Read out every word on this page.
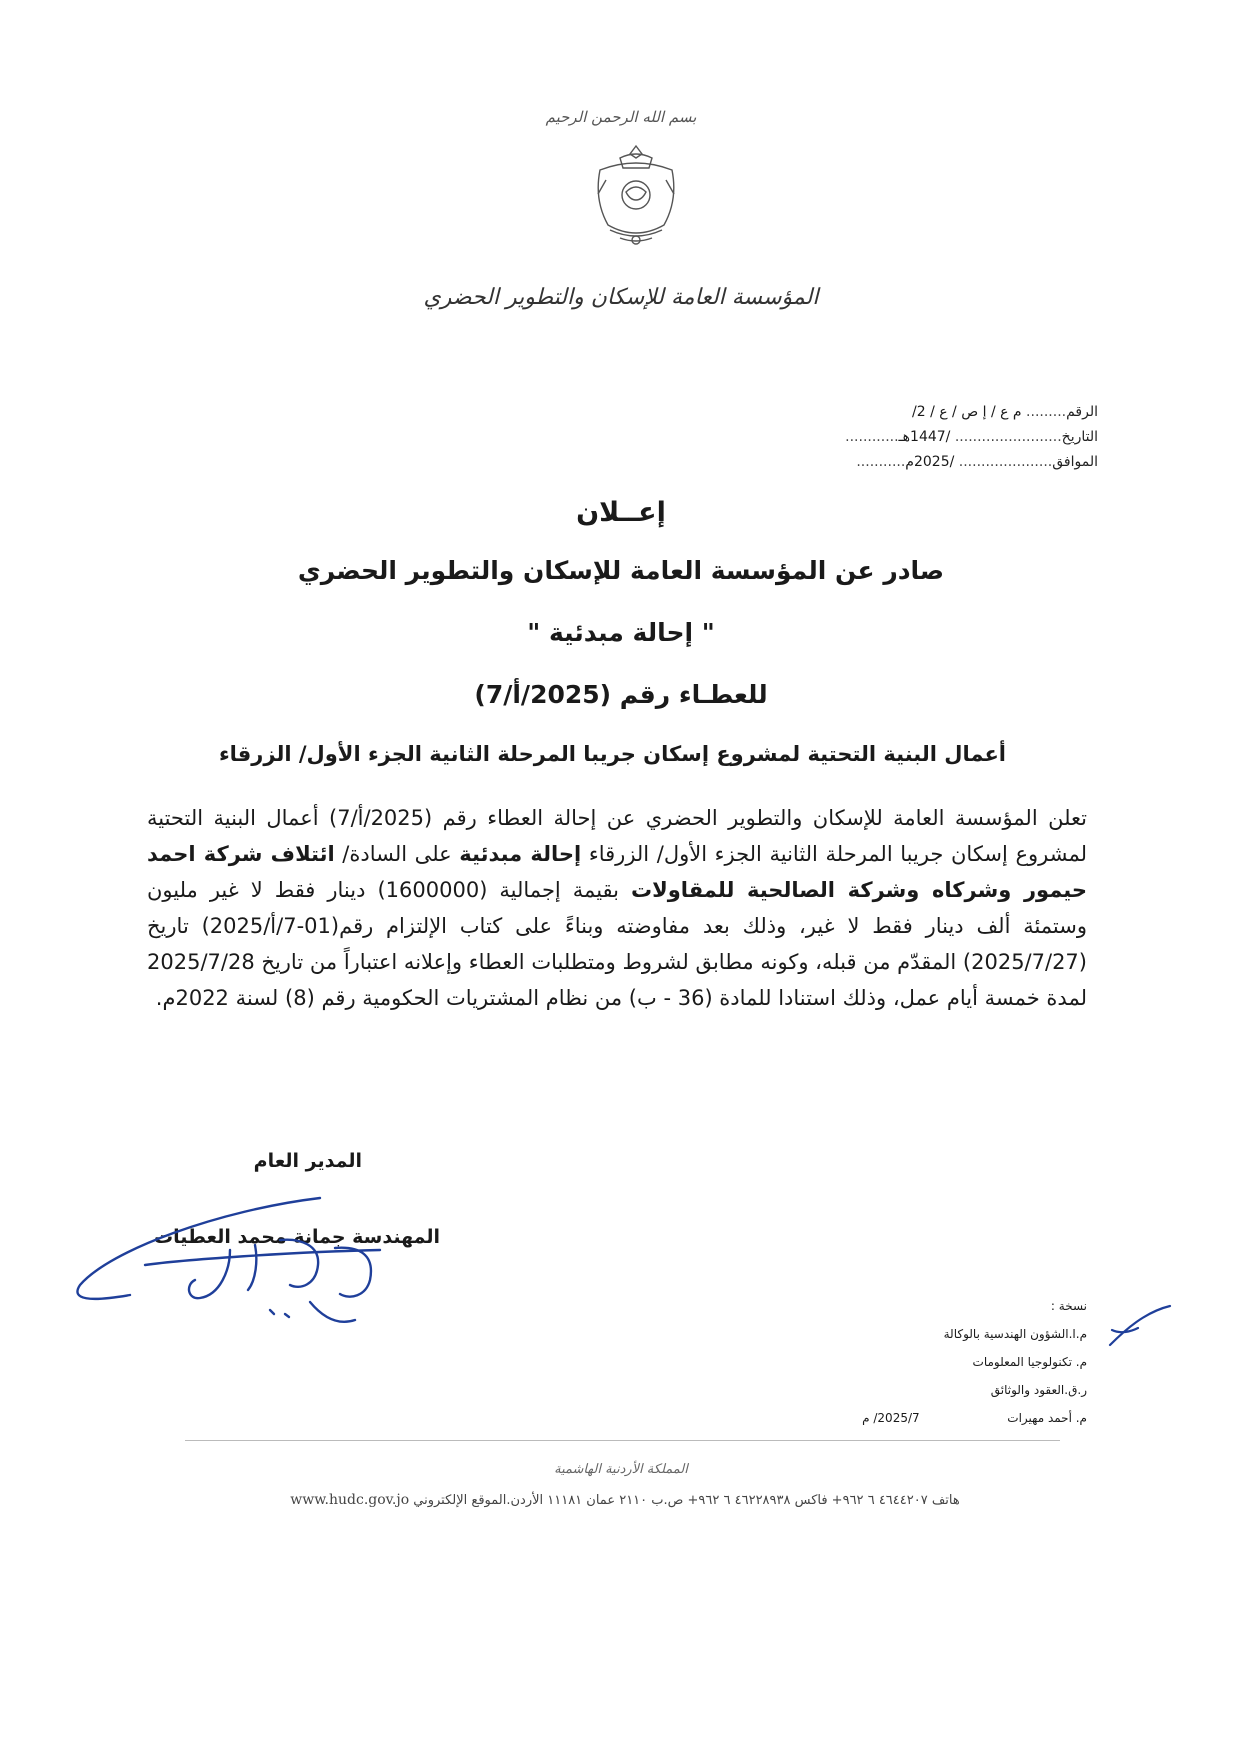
بسم الله الرحمن الرحيم
المؤسسة العامة للإسكان والتطوير الحضري
الرقم......... م ع / إ ص / ع / 2/
التاريخ........................ /1447هـ............
الموافق..................... /2025م...........
إعــلان
صادر عن المؤسسة العامة للإسكان والتطوير الحضري
" إحالة مبدئية "
للعطـاء رقم (2025/أ/7)
أعمال البنية التحتية لمشروع إسكان جريبا المرحلة الثانية الجزء الأول/ الزرقاء
تعلن المؤسسة العامة للإسكان والتطوير الحضري عن إحالة العطاء رقم (2025/أ/7) أعمال البنية التحتية لمشروع إسكان جريبا المرحلة الثانية الجزء الأول/ الزرقاء إحالة مبدئية على السادة/ ائتلاف شركة احمد حيمور وشركاه وشركة الصالحية للمقاولات بقيمة إجمالية (1600000) دينار فقط لا غير مليون وستمئة ألف دينار فقط لا غير، وذلك بعد مفاوضته وبناءً على كتاب الإلتزام رقم(01-7/أ/2025) تاريخ (2025/7/27) المقدّم من قبله، وكونه مطابق لشروط ومتطلبات العطاء وإعلانه اعتباراً من تاريخ 2025/7/28 لمدة خمسة أيام عمل، وذلك استنادا للمادة (36 - ب) من نظام المشتريات الحكومية رقم (8) لسنة 2022م.
المدير العام
المهندسة جمانة محمد العطيات
نسخة :
م.ا.الشؤون الهندسية بالوكالة
م. تكنولوجيا المعلومات
ر.ق.العقود والوثائق
م. أحمد مهيرات  2025/7/ م
المملكة الأردنية الهاشمية
هاتف ٤٦٤٤٢٠٧ ٦ ٩٦٢+ فاكس ٤٦٢٢٨٩٣٨ ٦ ٩٦٢+ ص.ب ٢١١٠ عمان ١١١٨١ الأردن.الموقع الإلكتروني www.hudc.gov.jo
